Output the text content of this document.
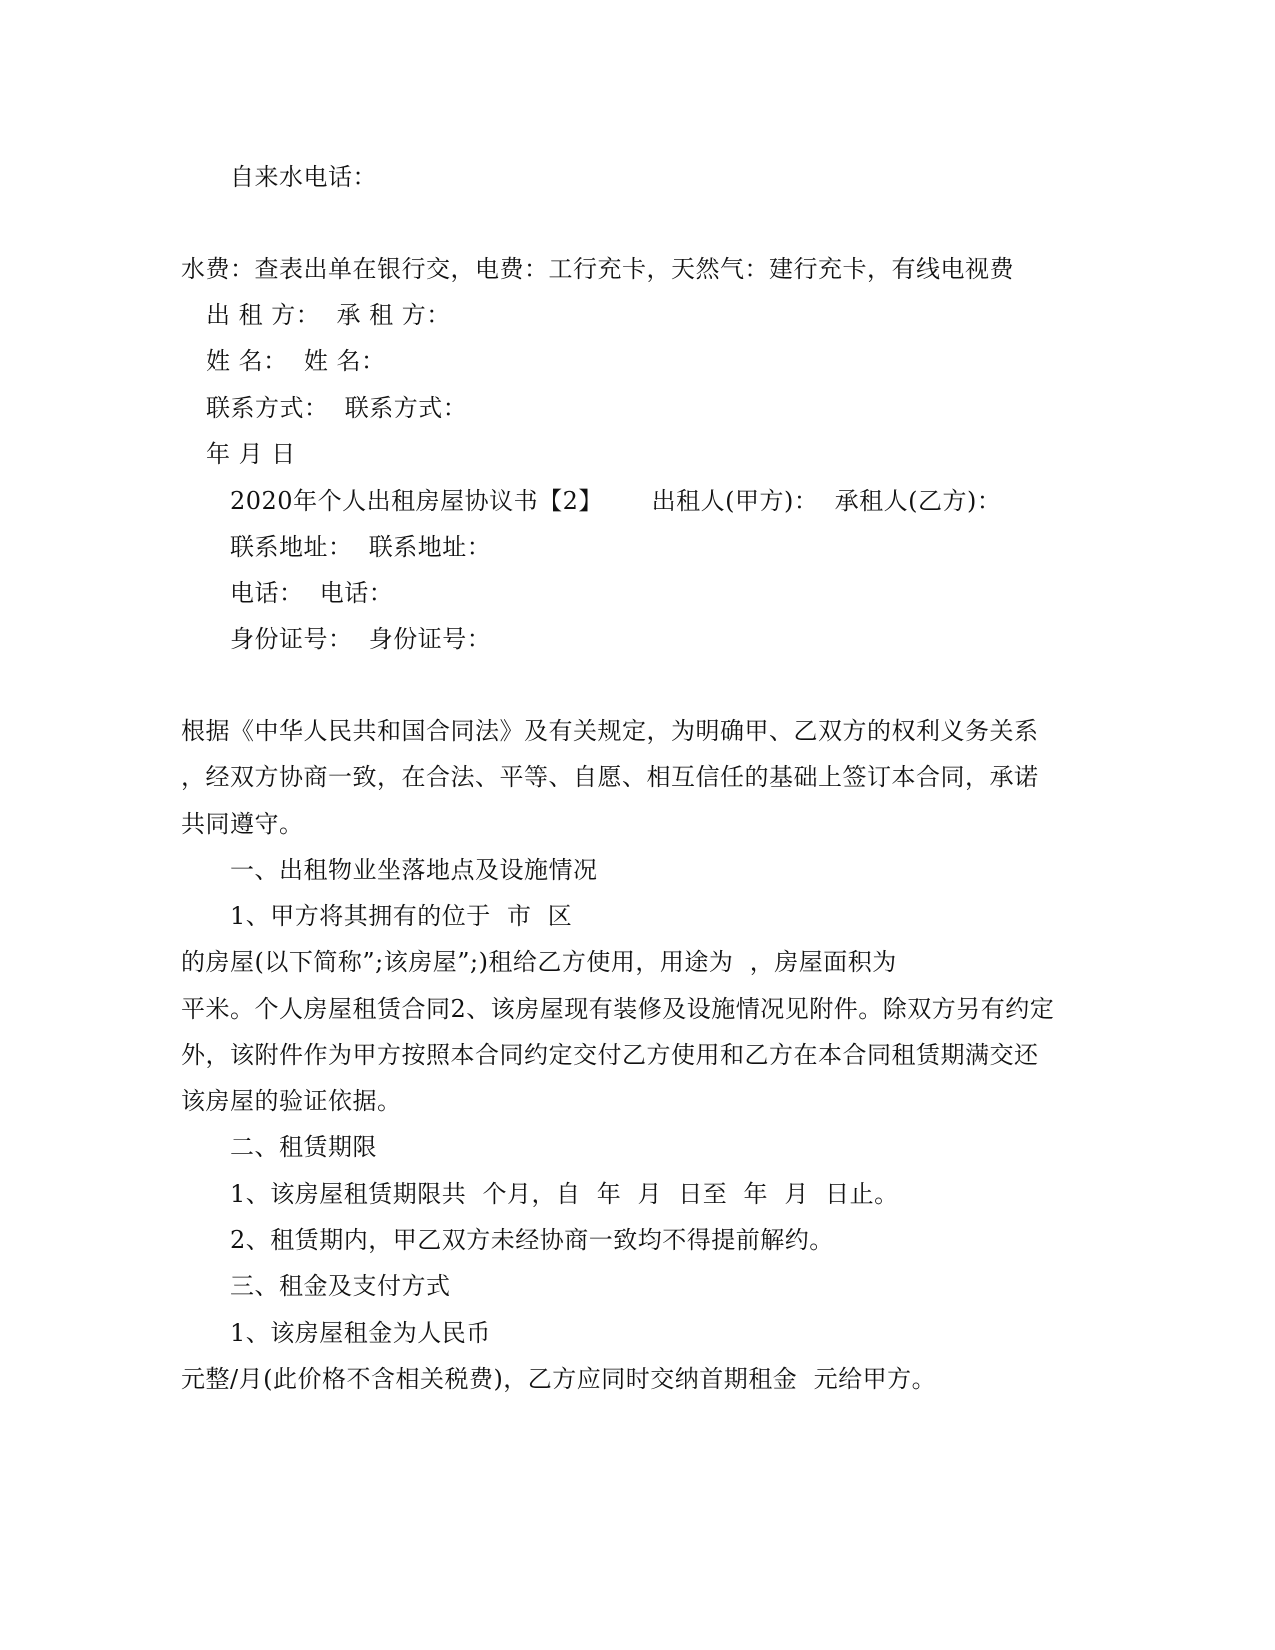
自来水电话：
水费：查表出单在银行交，电费：工行充卡，天然气：建行充卡，有线电视费
出 租 方：  承 租 方：
姓 名：  姓 名：
联系方式：  联系方式：
年 月 日
2020年个人出租房屋协议书【2】      出租人(甲方)：  承租人(乙方)：
联系地址：  联系地址：
电话：  电话：
身份证号：  身份证号：
根据《中华人民共和国合同法》及有关规定，为明确甲、乙双方的权利义务关系
，经双方协商一致，在合法、平等、自愿、相互信任的基础上签订本合同，承诺
共同遵守。
一、出租物业坐落地点及设施情况
1、甲方将其拥有的位于  市  区
的房屋(以下简称”;该房屋”;)租给乙方使用，用途为  ，房屋面积为
平米。个人房屋租赁合同2、该房屋现有装修及设施情况见附件。除双方另有约定
外，该附件作为甲方按照本合同约定交付乙方使用和乙方在本合同租赁期满交还
该房屋的验证依据。
二、租赁期限
1、该房屋租赁期限共  个月，自  年  月  日至  年  月  日止。
2、租赁期内，甲乙双方未经协商一致均不得提前解约。
三、租金及支付方式
1、该房屋租金为人民币
元整/月(此价格不含相关税费)，乙方应同时交纳首期租金  元给甲方。
